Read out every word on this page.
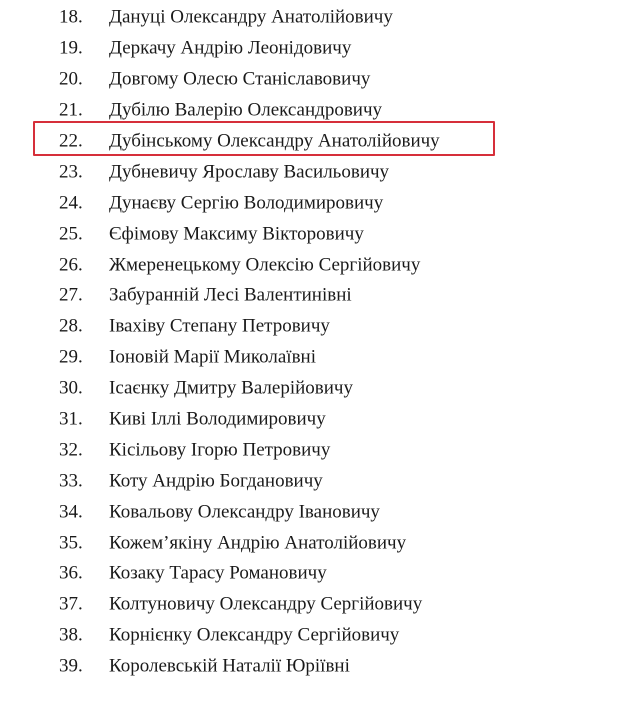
18.	Дануці Олександру Анатолійовичу
19.	Деркачу Андрію Леонідовичу
20.	Довгому Олесю Станіславовичу
21.	Дубілю Валерію Олександровичу
22.	Дубінському Олександру Анатолійовичу
23.	Дубневичу Ярославу Васильовичу
24.	Дунаєву Сергію Володимировичу
25.	Єфімову Максиму Вікторовичу
26.	Жмеренецькому Олексію Сергійовичу
27.	Забуранній Лесі Валентинівні
28.	Іваxіву Степану Петровичу
29.	Іоновій Марії Миколаївні
30.	Ісаєнку Дмитру Валерійовичу
31.	Киві Іллі Володимировичу
32.	Кісільову Ігорю Петровичу
33.	Коту Андрію Богдановичу
34.	Ковальову Олександру Івановичу
35.	Кожем’якіну Андрію Анатолійовичу
36.	Козаку Тарасу Романовичу
37.	Колтуновичу Олександру Сергійовичу
38.	Корнієнку Олександру Сергійовичу
39.	Королевській Наталії Юріївні
